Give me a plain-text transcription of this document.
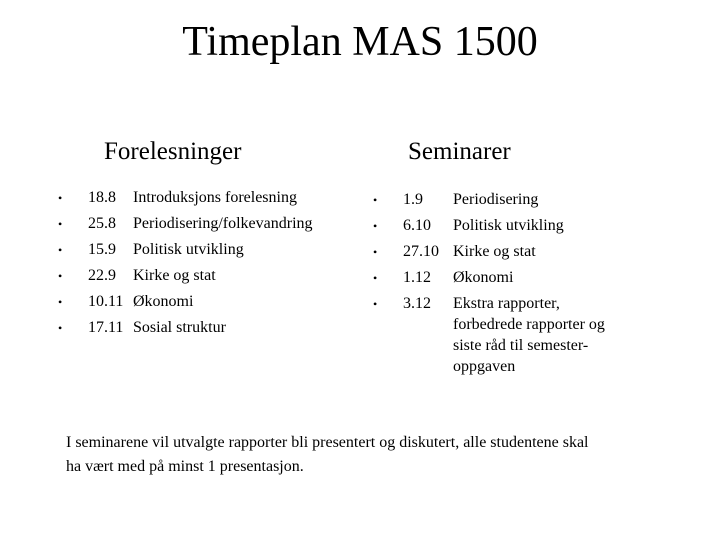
Timeplan MAS 1500
Forelesninger	Seminarer
•	18.8	Introduksjons forelesning
•	25.8	Periodisering/folkevandring
•	15.9	Politisk utvikling
•	22.9	Kirke og stat
•	10.11 Økonomi
•	17.11 Sosial struktur
•	1.9	Periodisering
•	6.10	Politisk utvikling
•	27.10 Kirke og stat
•	1.12	Økonomi
•	3.12	Ekstra rapporter,
forbedrede rapporter og
siste råd til semester-
oppgaven
I seminarene vil utvalgte rapporter bli presentert og diskutert, alle studentene skal
ha vært med på minst 1 presentasjon.
